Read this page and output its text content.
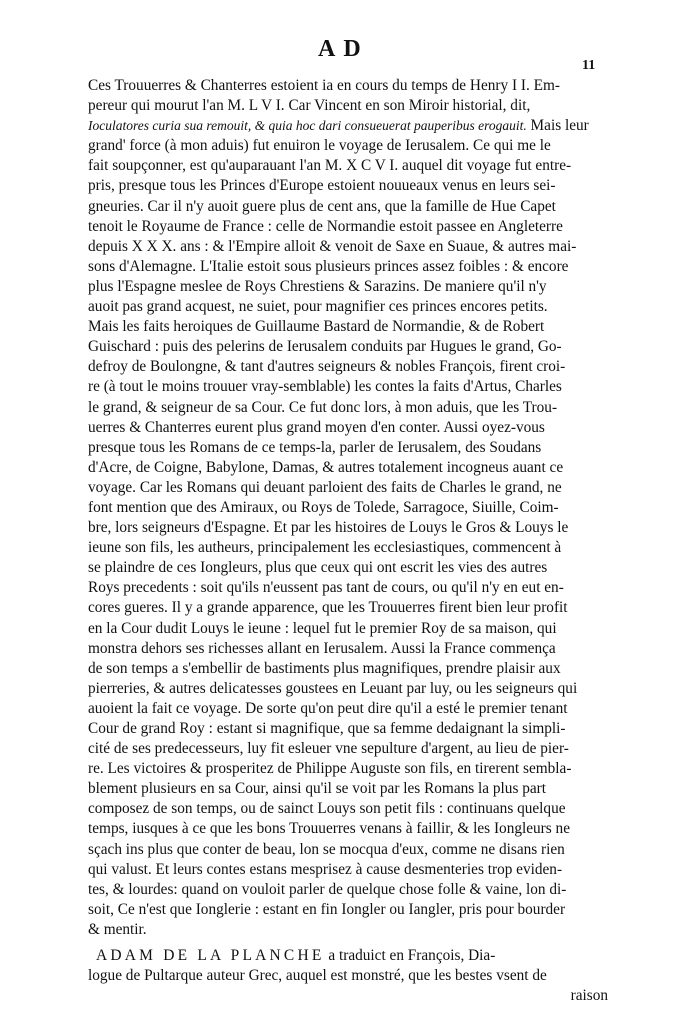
AD
11
Ces Trouuerres & Chanterres estoient ia en cours du temps de Henry I I. Em-
pereur qui mourut l'an M. L V I. Car Vincent en son Miroir historial, dit,
Ioculatores curia sua remouit, & quia hoc dari consueuerat pauperibus erogauit. Mais leur
grand' force (à mon aduis) fut enuiron le voyage de Ierusalem. Ce qui me le
fait soupçonner, est qu'auparauant l'an M. X C V I. auquel dit voyage fut entre-
pris, presque tous les Princes d'Europe estoient nouueaux venus en leurs sei-
gneuries. Car il n'y auoit guere plus de cent ans, que la famille de Hue Capet
tenoit le Royaume de France : celle de Normandie estoit passee en Angleterre
depuis X X X. ans : & l'Empire alloit & venoit de Saxe en Suaue, & autres mai-
sons d'Alemagne. L'Italie estoit sous plusieurs princes assez foibles : & encore
plus l'Espagne meslee de Roys Chrestiens & Sarazins. De maniere qu'il n'y
auoit pas grand acquest, ne suiet, pour magnifier ces princes encores petits.
Mais les faits heroiques de Guillaume Bastard de Normandie, & de Robert
Guischard : puis des pelerins de Ierusalem conduits par Hugues le grand, Go-
defroy de Boulongne, & tant d'autres seigneurs & nobles François, firent croi-
re (à tout le moins trouuer vray-semblable) les contes la faits d'Artus, Charles
le grand, & seigneur de sa Cour. Ce fut donc lors, à mon aduis, que les Trou-
uerres & Chanterres eurent plus grand moyen d'en conter. Aussi oyez-vous
presque tous les Romans de ce temps-la, parler de Ierusalem, des Soudans
d'Acre, de Coigne, Babylone, Damas, & autres totalement incogneus auant ce
voyage. Car les Romans qui deuant parloient des faits de Charles le grand, ne
font mention que des Amiraux, ou Roys de Tolede, Sarragoce, Siuille, Coim-
bre, lors seigneurs d'Espagne. Et par les histoires de Louys le Gros & Louys le
ieune son fils, les autheurs, principalement les ecclesiastiques, commencent à
se plaindre de ces Iongleurs, plus que ceux qui ont escrit les vies des autres
Roys precedents : soit qu'ils n'eussent pas tant de cours, ou qu'il n'y en eut en-
cores gueres. Il y a grande apparence, que les Trouuerres firent bien leur profit
en la Cour dudit Louys le ieune : lequel fut le premier Roy de sa maison, qui
monstra dehors ses richesses allant en Ierusalem. Aussi la France commença
de son temps a s'embellir de bastiments plus magnifiques, prendre plaisir aux
pierreries, & autres delicatesses goustees en Leuant par luy, ou les seigneurs qui
auoient la fait ce voyage. De sorte qu'on peut dire qu'il a esté le premier tenant
Cour de grand Roy : estant si magnifique, que sa femme dedaignant la simpli-
cité de ses predecesseurs, luy fit esleuer vne sepulture d'argent, au lieu de pier-
re. Les victoires & prosperitez de Philippe Auguste son fils, en tirerent sembla-
blement plusieurs en sa Cour, ainsi qu'il se voit par les Romans la plus part
composez de son temps, ou de sainct Louys son petit fils : continuans quelque
temps, iusques à ce que les bons Trouuerres venans à faillir, & les Iongleurs ne
sçach ins plus que conter de beau, lon se mocqua d'eux, comme ne disans rien
qui valust. Et leurs contes estans mesprisez à cause desmenteries trop eviden-
tes, & lourdes: quand on vouloit parler de quelque chose folle & vaine, lon di-
soit, Ce n'est que Ionglerie : estant en fin Iongler ou Iangler, pris pour bourder
& mentir.
ADAM DE LA PLANCHE a traduict en François, Dia-
logue de Pultarque auteur Grec, auquel est monstré, que les bestes vsent de
raison
